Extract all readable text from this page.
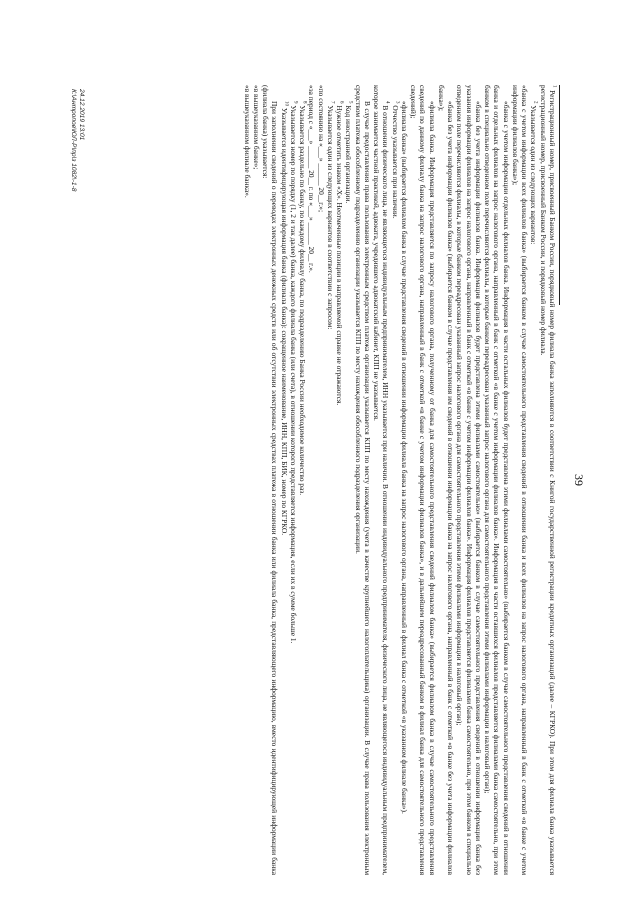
39

$^1$ Регистрационный номер, присвоенный Банком России, порядковый номер филиала банка заполняются в соответствии с Книгой государственной регистрации кредитных организаций (далее – КГРКО). При этом для филиала банка указывается регистрационный номер, присвоенный Банком России, и порядковый номер филиала.

$^2$ Указывается один из следующих вариантов:

«банка с учетом информации всех филиалов банка» (выбирается банком в случае самостоятельного представления сведений в отношении банка и всех филиалов на запрос налогового органа, направленный в банк с отметкой «в банке с учетом информации филиалов банка»);

«банка с учетом информации отдельных филиалов банка. Информация в части остальных филиалов будет представлена этими филиалами самостоятельно» (выбирается банком в случае самостоятельного представления сведений в отношении банка и отдельных филиалов на запрос налогового органа, направленный в банк с отметкой «в банке с учетом информации филиалов банка». Информация в части оставшихся филиалов представляется филиалами банка самостоятельно, при этом банком в специально отведенном поле перечисляются филиалы, в которые банком переадресован указанный запрос налогового органа для самостоятельного представления этими филиалами информации в налоговый орган);

«банка без учета информации филиалов банка. Информация филиалов будет представлена этими филиалами самостоятельно» (выбирается банком в случае самостоятельного представления сведений в отношении информации банка без указания информации филиалов на запрос налогового органа, направленный в банк с отметкой «в банке с учетом информации филиалов банка». Информация филиалов представляется филиалами банка самостоятельно, при этом банком в специально отведенном поле перечисляются филиалы, в которые банком переадресован указанный запрос налогового органа для самостоятельного представления этими филиалами информации в налоговый орган);

«банка без учета информации филиалов банка» (выбирается банком в случае представления им сведений в отношении информации банка на запрос налогового органа, направленный в банк с отметкой «в банке без учета информации филиалов банка»);

«филиала банка. Информация представляется по запросу налогового органа, полученному от банка для самостоятельного представления сведений филиалом банка» (выбирается филиалом банка в случае самостоятельного представления сведений по данному филиалу банка на запрос налогового органа, направленный в банк с отметкой «в банке с учетом информации филиалов банка», и в дальнейшем переадресованный банком в филиал банка для самостоятельного представления сведений);

«филиала банка» (выбирается филиалом банка в случае представления сведений в отношении информации филиала банка на запрос налогового органа, направленный в филиал банка с отметкой «в указанном филиале банка»).

$^3$ Отчество указывается при наличии.

$^4$ В отношении физического лица, не являющегося индивидуальным предпринимателем, ИНН указывается при наличии. В отношении индивидуального предпринимателя, физического лица, не являющегося индивидуальным предпринимателем, которое занимается частной практикой, адвоката, учредившего адвокатский кабинет, КПП не указывается.

В случае предоставления права пользования электронным средством платежа организации указывается КПП по месту нахождения (учета в качестве крупнейшего налогоплательщика) организации. В случае права пользования электронным средством платежа обособленному подразделению организации указывается КПП по месту нахождения обособленного подразделения организации.

$^5$ Код иностранной организации.

$^6$ Нужное отметить знаком «X». Неотмеченные позиции в направляемой справке не отражаются.

$^7$ Указывается один из следующих вариантов в соответствии с запросом:

«по состоянию на «___» ______ 20__г.»;

«за период с «___» ______ 20__ г. по «___» ______ 20__ г.».

$^8$ Указывается раздельно по банку, по каждому филиалу банка, по подразделению Банка России необходимое количество раз.

$^9$ Указывается номер по порядку (1, 2 и так далее) банка, каждого филиала банка (или счета), в отношении которого представляется информация, если их в сумме больше 1.

$^{10}$ Указывается идентифицирующая информация банка (филиала банка): сокращенное наименование, ИНН, КПП, БИК, номер по КГРКО.

При заполнении сведений о переводах электронных денежных средств или об отсутствии электронных средствах платежа в отношении банка или филиала банка, представляющего информацию, вместо идентифицирующей информации банка (филиала банка) указывается:

«в вышеуказанном банке»;

«в вышеуказанном филиале банка».

24.12.2019 13:01
К:\Антропов\ЮЛ-Р\пр\з 1082\-1-8
